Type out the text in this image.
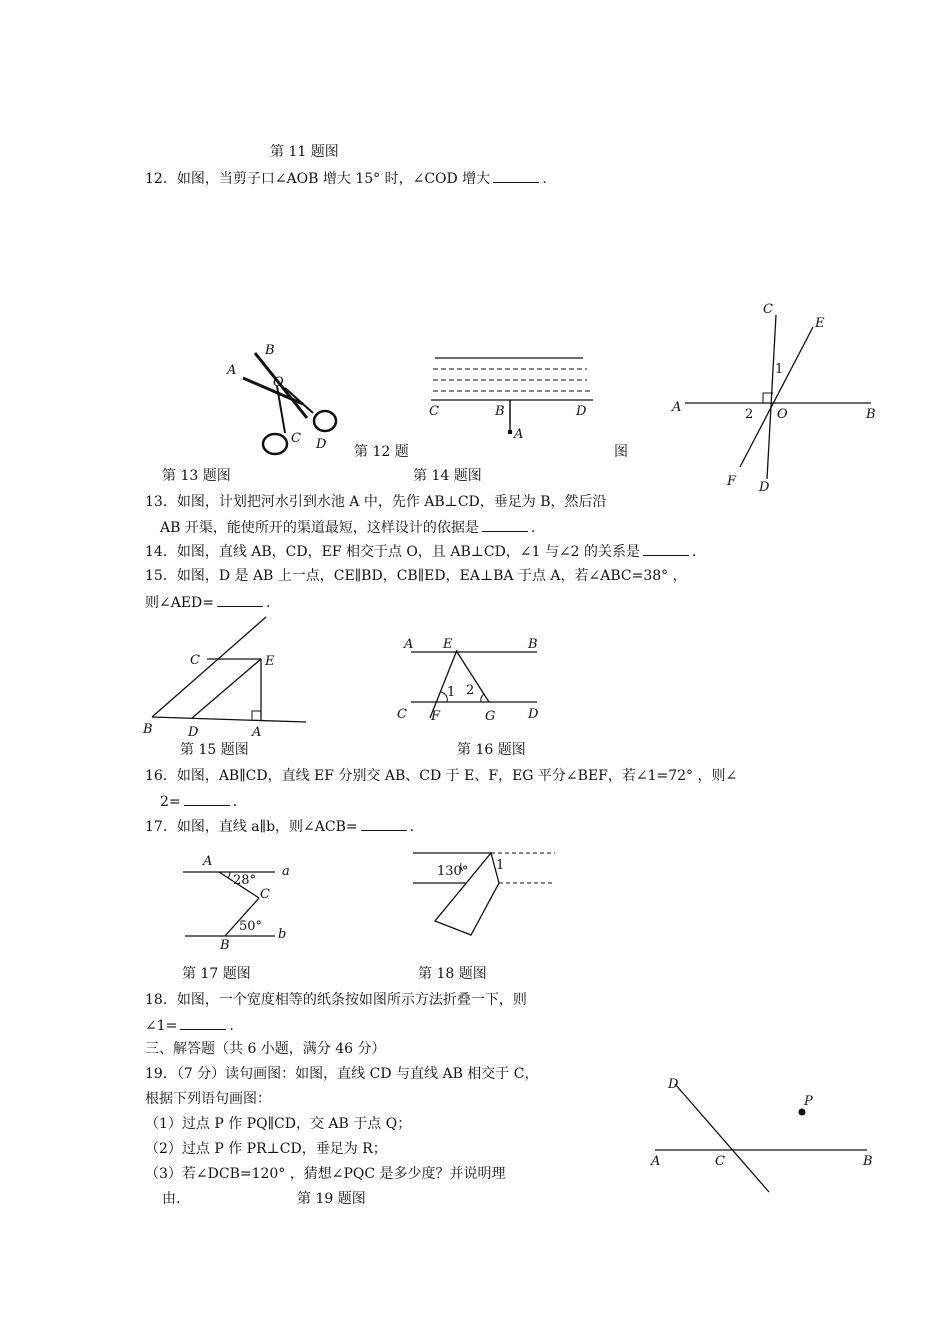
第 11 题图
12．如图，当剪子口∠AOB 增大 15° 时，∠COD 增大	.
第 12 题	图
第 13 题图	第 14 题图
13．如图，计划把河水引到水池 A 中，先作 AB⊥CD，垂足为 B，然后沿
AB 开渠，能使所开的渠道最短，这样设计的依据是	.
14．如图，直线 AB，CD，EF 相交于点 O，且 AB⊥CD，∠1 与∠2 的关系是	.
15．如图，D 是 AB 上一点，CE∥BD，CB∥ED，EA⊥BA 于点 A，若∠ABC=38° ，
则∠AED=	.
第 15 题图	第 16 题图
16．如图，AB∥CD，直线 EF 分别交 AB、CD 于 E、F，EG 平分∠BEF，若∠1=72° ，则∠
2=	.
17．如图，直线 a∥b，则∠ACB=	.
第 17 题图	第 18 题图
18．如图，一个宽度相等的纸条按如图所示方法折叠一下，则
∠1=	.
三、解答题（共 6 小题，满分 46 分）
19．（7 分）读句画图：如图，直线 CD 与直线 AB 相交于 C，
根据下列语句画图：
（1）过点 P 作 PQ∥CD，交 AB 于点 Q；
（2）过点 P 作 PR⊥CD，垂足为 R；
（3）若∠DCB=120° ，猜想∠PQC 是多少度？并说明理
由.	第 19 题图
A
B
O
C D
C	B	D
A
C
E
1
A	2 O	B
F D
C	E
B	D	A
A E	B
1 2
C F	G	D
A
28°
a
C
50°
b
B
130° 1
D
P
A	C	B
